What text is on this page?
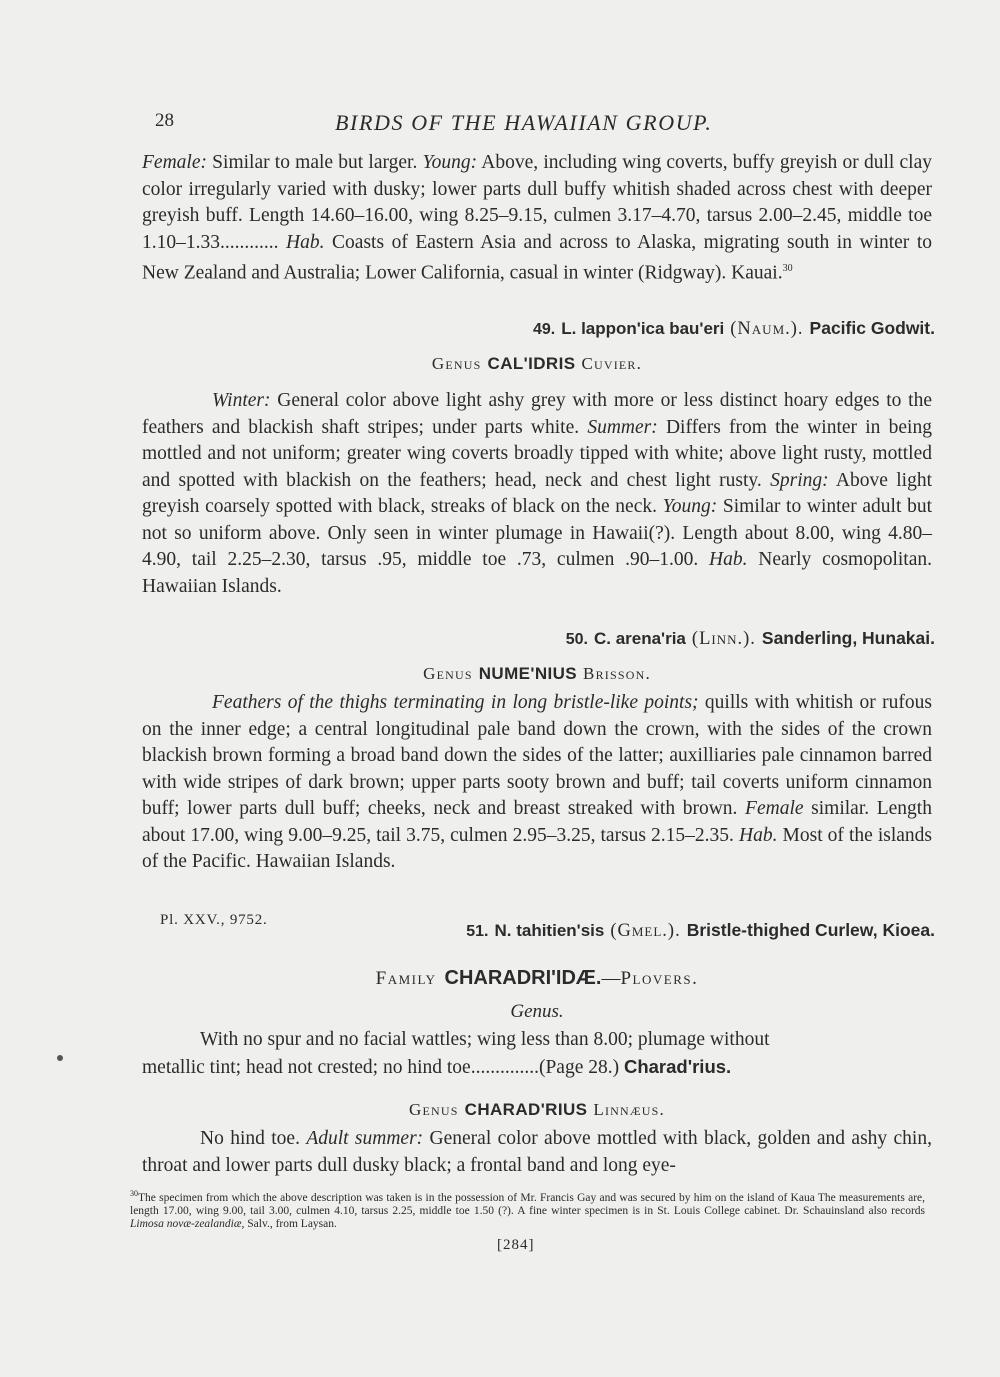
28	BIRDS OF THE HAWAIIAN GROUP.

Female: Similar to male but larger. Young: Above, including wing coverts, buffy greyish or dull clay color irregularly varied with dusky; lower parts dull buffy whitish shaded across chest with deeper greyish buff. Length 14.60–16.00, wing 8.25–9.15, culmen 3.17–4.70, tarsus 2.00–2.45, middle toe 1.10–1.33............ Hab. Coasts of Eastern Asia and across to Alaska, migrating south in winter to New Zealand and Australia; Lower California, casual in winter (Ridgway). Kauai.$^{30}$

49. L. lappon'ica bau'eri (Naum.). Pacific Godwit.
Genus CAL'IDRIS Cuvier.

Winter: General color above light ashy grey with more or less distinct hoary edges to the feathers and blackish shaft stripes; under parts white. Summer: Differs from the winter in being mottled and not uniform; greater wing coverts broadly tipped with white; above light rusty, mottled and spotted with blackish on the feathers; head, neck and chest light rusty. Spring: Above light greyish coarsely spotted with black, streaks of black on the neck. Young: Similar to winter adult but not so uniform above. Only seen in winter plumage in Hawaii(?). Length about 8.00, wing 4.80–4.90, tail 2.25–2.30, tarsus .95, middle toe .73, culmen .90–1.00. Hab. Nearly cosmopolitan. Hawaiian Islands.

50. C. arena'ria (Linn.). Sanderling, Hunakai.
Genus NUME'NIUS Brisson.

Feathers of the thighs terminating in long bristle-like points; quills with whitish or rufous on the inner edge; a central longitudinal pale band down the crown, with the sides of the crown blackish brown forming a broad band down the sides of the latter; auxilliaries pale cinnamon barred with wide stripes of dark brown; upper parts sooty brown and buff; tail coverts uniform cinnamon buff; lower parts dull buff; cheeks, neck and breast streaked with brown. Female similar. Length about 17.00, wing 9.00–9.25, tail 3.75, culmen 2.95–3.25, tarsus 2.15–2.35. Hab. Most of the islands of the Pacific. Hawaiian Islands.

Pl. XXV., 9752.
51. N. tahitien'sis (Gmel.). Bristle-thighed Curlew, Kioea.
Family CHARADRI'IDÆ.—Plovers.
Genus.
With no spur and no facial wattles; wing less than 8.00; plumage without
metallic tint; head not crested; no hind toe..............(Page 28.) Charad'rius.
Genus CHARAD'RIUS Linnæus.

No hind toe. Adult summer: General color above mottled with black, golden and ashy chin, throat and lower parts dull dusky black; a frontal band and long eye-

$^{30}$The specimen from which the above description was taken is in the possession of Mr. Francis Gay and was secured by him on the island of Kaua The measurements are, length 17.00, wing 9.00, tail 3.00, culmen 4.10, tarsus 2.25, middle toe 1.50 (?). A fine winter specimen is in St. Louis College cabinet. Dr. Schauinsland also records Limosa novæ-zealandiæ, Salv., from Laysan.
[284]
